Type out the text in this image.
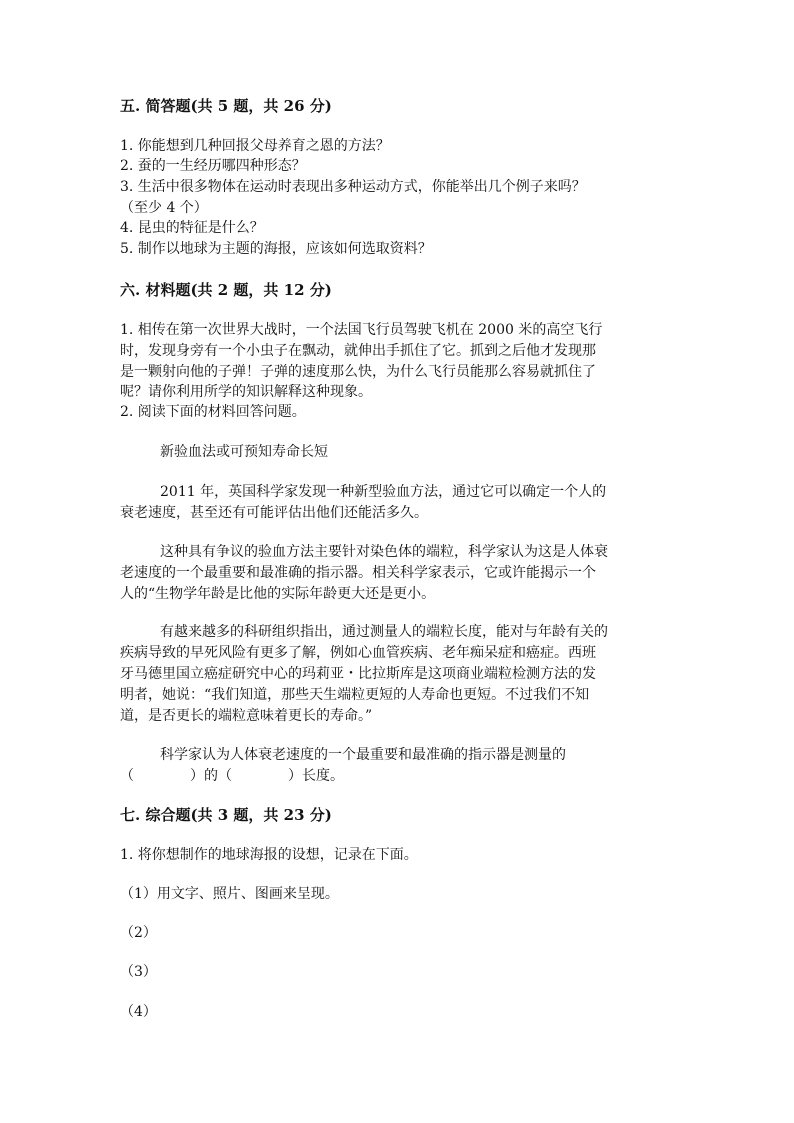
五. 简答题(共 5 题，共 26 分)
1. 你能想到几种回报父母养育之恩的方法？
2. 蚕的一生经历哪四种形态？
3. 生活中很多物体在运动时表现出多种运动方式，你能举出几个例子来吗？
（至少 4 个）
4. 昆虫的特征是什么？
5. 制作以地球为主题的海报，应该如何选取资料？
六. 材料题(共 2 题，共 12 分)
1. 相传在第一次世界大战时，一个法国飞行员驾驶飞机在 2000 米的高空飞行
时，发现身旁有一个小虫子在飘动，就伸出手抓住了它。抓到之后他才发现那
是一颗射向他的子弹！子弹的速度那么快，为什么飞行员能那么容易就抓住了
呢？请你利用所学的知识解释这种现象。
2. 阅读下面的材料回答问题。
新验血法或可预知寿命长短
2011 年，英国科学家发现一种新型验血方法，通过它可以确定一个人的
衰老速度，甚至还有可能评估出他们还能活多久。
这种具有争议的验血方法主要针对染色体的端粒，科学家认为这是人体衰
老速度的一个最重要和最准确的指示器。相关科学家表示，它或许能揭示一个
人的“生物学年龄是比他的实际年龄更大还是更小。
有越来越多的科研组织指出，通过测量人的端粒长度，能对与年龄有关的
疾病导致的早死风险有更多了解，例如心血管疾病、老年痴呆症和癌症。西班
牙马德里国立癌症研究中心的玛莉亚・比拉斯库是这项商业端粒检测方法的发
明者，她说：“我们知道，那些天生端粒更短的人寿命也更短。不过我们不知
道，是否更长的端粒意味着更长的寿命。”
科学家认为人体衰老速度的一个最重要和最准确的指示器是测量的
（　　　　）的（　　　　）长度。
七. 综合题(共 3 题，共 23 分)
1. 将你想制作的地球海报的设想，记录在下面。
（1）用文字、照片、图画来呈现。
（2）
（3）
（4）
